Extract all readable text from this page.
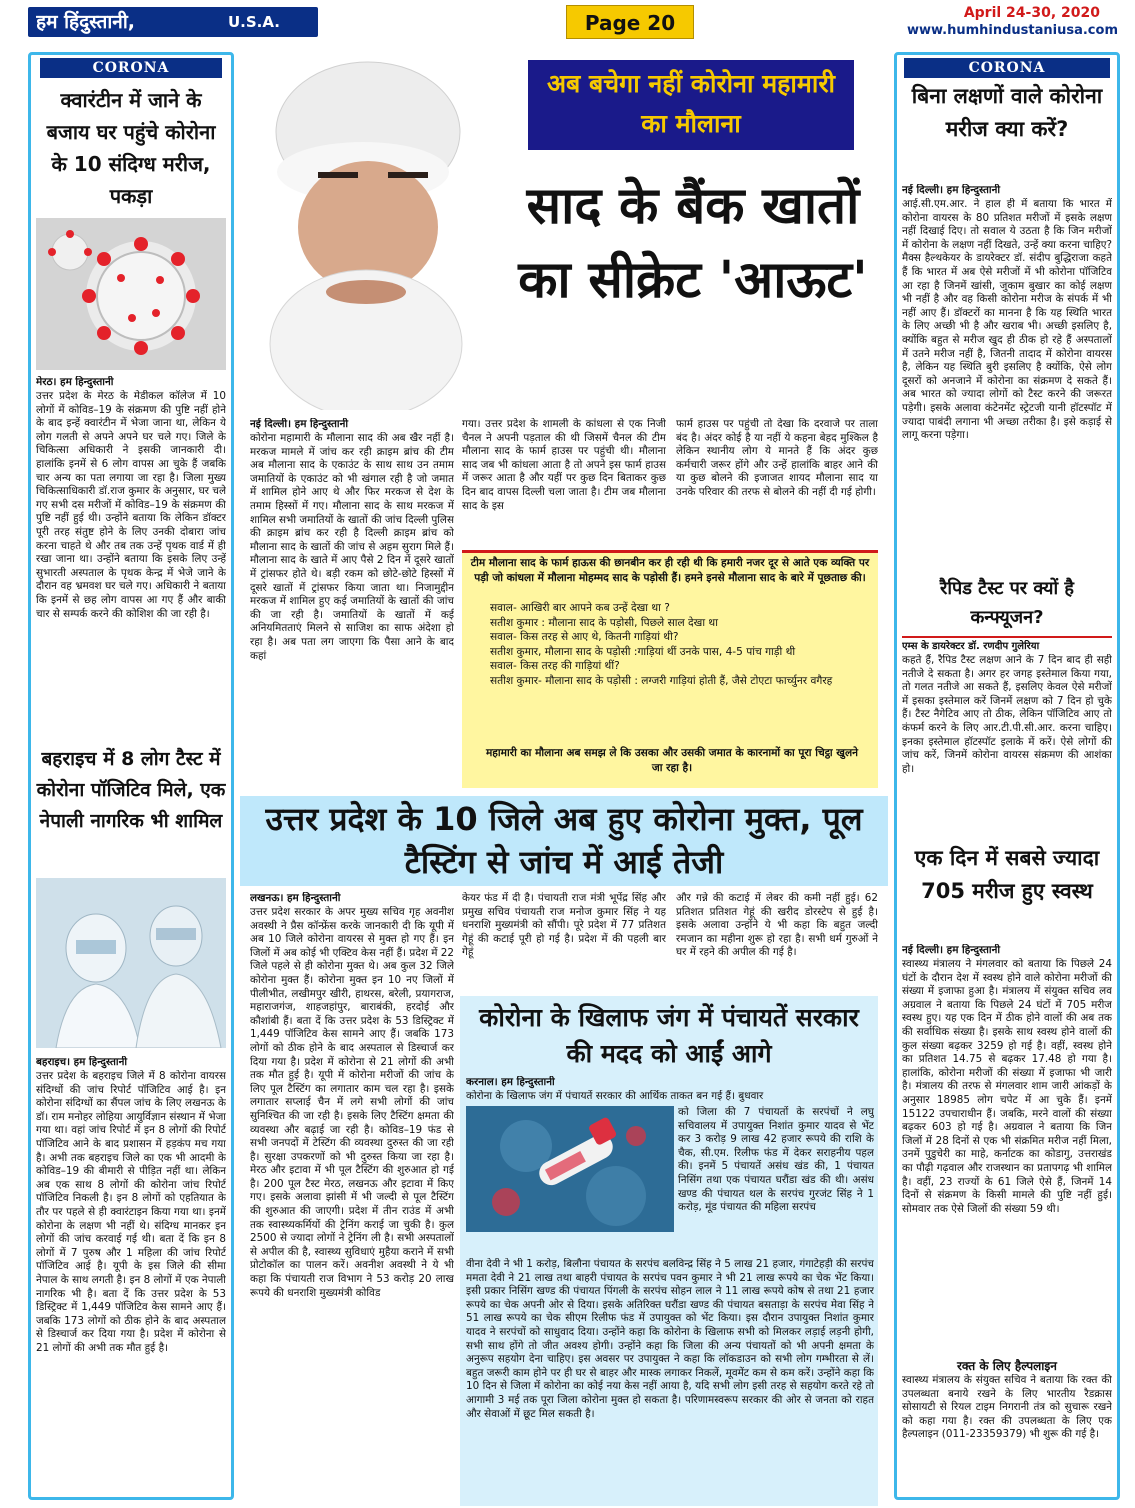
हम हिंदुस्तानी,	U.S.A.	Page 20	April 24-30, 2020
www.humhindustaniusa.com
CORONA
क्वारंटीन में जाने के बजाय घर पहुंचे कोरोना के 10 संदिग्ध मरीज, पकड़ा
मेरठ। हम हिन्दुस्तानी
उत्तर प्रदेश के मेरठ के मेडीकल कॉलेज में 10 लोगों में कोविड–19 के संक्रमण की पुष्टि नहीं होने के बाद इन्हें क्वारंटीन में भेजा जाना था, लेकिन ये लोग गलती से अपने अपने घर चले गए। जिले के चिकित्सा अधिकारी ने इसकी जानकारी दी। हालांकि इनमें से 6 लोग वापस आ चुके हैं जबकि चार अन्य का पता लगाया जा रहा है। जिला मुख्य चिकित्साधिकारी डॉ.राज कुमार के अनुसार, घर चले गए सभी दस मरीजों में कोविड–19 के संक्रमण की पुष्टि नहीं हुई थी। उन्होंने बताया कि लेकिन डॉक्टर पूरी तरह संतुष्ट होने के लिए उनकी दोबारा जांच करना चाहते थे और तब तक उन्हें पृथक वार्ड में ही रखा जाना था। उन्होंने बताया कि इसके लिए उन्हें सुभारती अस्पताल के पृथक केन्द्र में भेजे जाने के दौरान वह भ्रमवश घर चले गए। अधिकारी ने बताया कि इनमें से छह लोग वापस आ गए हैं और बाकी चार से सम्पर्क करने की कोशिश की जा रही है।
बहराइच में 8 लोग टैस्ट में कोरोना पॉजिटिव मिले, एक नेपाली नागरिक भी शामिल
बहराइच। हम हिन्दुस्तानी
उत्तर प्रदेश के बहराइच जिले में 8 कोरोना वायरस संदिग्धों की जांच रिपोर्ट पॉजिटिव आई है। इन कोरोना संदिग्धों का सैंपल जांच के लिए लखनऊ के डॉ। राम मनोहर लोहिया आयुर्विज्ञान संस्थान में भेजा गया था। वहां जांच रिपोर्ट में इन 8 लोगों की रिपोर्ट पॉजिटिव आने के बाद प्रशासन में हड़कंप मच गया है। अभी तक बहराइच जिले का एक भी आदमी के कोविड–19 की बीमारी से पीड़ित नहीं था। लेकिन अब एक साथ 8 लोगों की कोरोना जांच रिपोर्ट पॉजिटिव निकली है। इन 8 लोगों को एहतियात के तौर पर पहले से ही क्वारंटाइन किया गया था। इनमें कोरोना के लक्षण भी नहीं थे। संदिग्ध मानकर इन लोगों की जांच करवाई गई थी। बता दें कि इन 8 लोगों में 7 पुरुष और 1 महिला की जांच रिपोर्ट पॉजिटिव आई है। यूपी के इस जिले की सीमा नेपाल के साथ लगती है। इन 8 लोगों में एक नेपाली नागरिक भी है। बता दें कि उत्तर प्रदेश के 53 डिस्ट्रिक्ट में 1,449 पॉजिटिव केस सामने आए हैं। जबकि 173 लोगों को ठीक होने के बाद अस्पताल से डिस्चार्ज कर दिया गया है। प्रदेश में कोरोना से 21 लोगों की अभी तक मौत हुई है।
अब बचेगा नहीं कोरोना महामारी का मौलाना
साद के बैंक खातों का सीक्रेट 'आऊट'
नई दिल्ली। हम हिन्दुस्तानी
कोरोना महामारी के मौलाना साद की अब खैर नहीं है। मरकज मामले में जांच कर रही क्राइम ब्रांच की टीम अब मौलाना साद के एकाउंट के साथ साथ उन तमाम जमातियों के एकाउंट को भी खंगाल रही है जो जमात में शामिल होने आए थे और फिर मरकज से देश के तमाम हिस्सों में गए। मौलाना साद के साथ मरकज में शामिल सभी जमातियों के खातों की जांच दिल्ली पुलिस की क्राइम ब्रांच कर रही है दिल्ली क्राइम ब्रांच को मौलाना साद के खातों की जांच से अहम सुराग मिले हैं। मौलाना साद के खाते में आए पैसे 2 दिन में दूसरे खातों में ट्रांसफर होते थे। बड़ी रकम को छोटे-छोटे हिस्सों में दूसरे खातों में ट्रांसफर किया जाता था। निजामुद्दीन मरकज में शामिल हुए कई जमातियों के खातों की जांच की जा रही है। जमातियों के खातों में कई अनियमितताएं मिलने से साजिश का साफ अंदेशा हो रहा है। अब पता लग जाएगा कि पैसा आने के बाद कहां
गया। उत्तर प्रदेश के शामली के कांधला से एक निजी चैनल ने अपनी पड़ताल की थी जिसमें चैनल की टीम मौलाना साद के फार्म हाउस पर पहुंची थी। मौलाना साद जब भी कांधला आता है तो अपने इस फार्म हाउस में जरूर आता है और यहीं पर कुछ दिन बिताकर कुछ दिन बाद वापस दिल्ली चला जाता है। टीम जब मौलाना साद के इस
फार्म हाउस पर पहुंची तो देखा कि दरवाजे पर ताला बंद है। अंदर कोई है या नहीं ये कहना बेहद मुश्किल है लेकिन स्थानीय लोग ये मानते हैं कि अंदर कुछ कर्मचारी जरूर होंगे और उन्हें हालांकि बाहर आने की या कुछ बोलने की इजाजत शायद मौलाना साद या उनके परिवार की तरफ से बोलने की नहीं दी गई होगी।
टीम मौलाना साद के फार्म हाऊस की छानबीन कर ही रही थी कि हमारी नजर दूर से आते एक व्यक्ति पर पड़ी जो कांधला में मौलाना मोहम्मद साद के पड़ोसी हैं। हमने इनसे मौलाना साद के बारे में पूछताछ की।

सवाल- आखिरी बार आपने कब उन्हें देखा था ?

सतीश कुमार : मौलाना साद के पड़ोसी, पिछले साल देखा था

सवाल- किस तरह से आए थे, कितनी गाड़ियां थी?

सतीश कुमार, मौलाना साद के पड़ोसी :गाड़ियां थीं उनके पास, 4-5 पांच गाड़ी थी

सवाल- किस तरह की गाड़ियां थीं?

सतीश कुमार- मौलाना साद के पड़ोसी : लग्जरी गाड़ियां होती हैं, जैसे टोएटा फार्च्युनर वगैरह

महामारी का मौलाना अब समझ ले कि उसका और उसकी जमात के कारनामों का पूरा चिट्ठा खुलने जा रहा है।
उत्तर प्रदेश के 10 जिले अब हुए कोरोना मुक्त, पूल टैस्टिंग से जांच में आई तेजी
लखनऊ। हम हिन्दुस्तानी
उत्तर प्रदेश सरकार के अपर मुख्य सचिव गृह अवनीश अवस्थी ने प्रैस कॉन्फ्रेंस करके जानकारी दी कि यूपी में अब 10 जिले कोरोना वायरस से मुक्त हो गए हैं। इन जिलों में अब कोई भी एक्टिव केस नहीं हैं। प्रदेश में 22 जिले पहले से ही कोरोना मुक्त थे। अब कुल 32 जिले कोरोना मुक्त हैं। कोरोना मुक्त इन 10 नए जिलों में पीलीभीत, लखीमपुर खीरी, हाथरस, बरेली, प्रयागराज, महाराजगंज, शाहजहांपुर, बाराबंकी, हरदोई और कौशांबी हैं। बता दें कि उत्तर प्रदेश के 53 डिस्ट्रिक्ट में 1,449 पॉजिटिव केस सामने आए हैं। जबकि 173 लोगों को ठीक होने के बाद अस्पताल से डिस्चार्ज कर दिया गया है। प्रदेश में कोरोना से 21 लोगों की अभी तक मौत हुई है। यूपी में कोरोना मरीजों की जांच के लिए पूल टैस्टिंग का लगातार काम चल रहा है। इसके लगातार सप्लाई चैन में लगे सभी लोगों की जांच सुनिश्चित की जा रही है। इसके लिए टैस्टिंग क्षमता की व्यवस्था और बढ़ाई जा रही है। कोविड–19 फंड से सभी जनपदों में टेस्टिंग की व्यवस्था दुरुस्त की जा रही है। सुरक्षा उपकरणों को भी दुरुस्त किया जा रहा है। मेरठ और इटावा में भी पूल टैस्टिंग की शुरुआत हो गई है। 200 पूल टैस्ट मेरठ, लखनऊ और इटावा में किए गए। इसके अलावा झांसी में भी जल्दी से पूल टैस्टिंग की शुरुआत की जाएगी। प्रदेश में तीन राउंड में अभी तक स्वास्थ्यकर्मियों की ट्रेनिंग कराई जा चुकी है। कुल 2500 से ज्यादा लोगों ने ट्रेनिंग ली है। सभी अस्पतालों से अपील की है, स्वास्थ्य सुविधाएं मुहैया कराने में सभी प्रोटोकॉल का पालन करें। अवनीश अवस्थी ने ये भी कहा कि पंचायती राज विभाग ने 53 करोड़ 20 लाख रूपये की धनराशि मुख्यमंत्री कोविड
केयर फंड में दी है। पंचायती राज मंत्री भूपेंद्र सिंह और प्रमुख सचिव पंचायती राज मनोज कुमार सिंह ने यह धनराशि मुख्यमंत्री को सौंपी। पूरे प्रदेश में 77 प्रतिशत गेहूं की कटाई पूरी हो गई है। प्रदेश में की पहली बार गेहूं
और गन्ने की कटाई में लेबर की कमी नहीं हुई। 62 प्रतिशत प्रतिशत गेहूं की खरीद डोरस्टेप से हुई है। इसके अलावा उन्होंने ये भी कहा कि बहुत जल्दी रमजान का महीना शुरू हो रहा है। सभी धर्म गुरुओं ने घर में रहने की अपील की गई है।
कोरोना के खिलाफ जंग में पंचायतें सरकार की मदद को आईं आगे
करनाल। हम हिन्दुस्तानी
कोरोना के खिलाफ जंग में पंचायतें सरकार की आर्थिक ताकत बन गई हैं। बुधवार
को जिला की 7 पंचायतों के सरपंचों ने लघु सचिवालय में उपायुक्त निशांत कुमार यादव से भेंट कर 3 करोड़ 9 लाख 42 हजार रूपये की राशि के चैक, सी.एम. रिलीफ फंड में देकर सराहनीय पहल की। इनमें 5 पंचायतें असंध खंड की, 1 पंचायत निसिंग तथा एक पंचायत घरौंडा खंड की थी। असंध खण्ड की पंचायत थल के सरपंच गुरजंट सिंह ने 1 करोड़, मूंड पंचायत की महिला सरपंच
वीना देवी ने भी 1 करोड़, बिलौना पंचायत के सरपंच बलविन्द्र सिंह ने 5 लाख 21 हजार, गंगाटेहड़ी की सरपंच ममता देवी ने 21 लाख तथा बाहरी पंचायत के सरपंच पवन कुमार ने भी 21 लाख रूपये का चेक भेंट किया। इसी प्रकार निसिंग खण्ड की पंचायत पिंगली के सरपंच सोहन लाल ने 11 लाख रूपये कोष से तथा 21 हजार रूपये का चेक अपनी ओर से दिया। इसके अतिरिक्त घरौंडा खण्ड की पंचायत बसताड़ा के सरपंच मेवा सिंह ने 51 लाख रूपये का चेक सीएम रिलीफ फंड में उपायुक्त को भेंट किया। इस दौरान उपायुक्त निशांत कुमार यादव ने सरपंचों को साधुवाद दिया। उन्होंने कहा कि कोरोना के खिलाफ सभी को मिलकर लड़ाई लड़नी होगी, सभी साथ होंगे तो जीत अवश्य होगी। उन्होंने कहा कि जिला की अन्य पंचायतों को भी अपनी क्षमता के अनुरूप सहयोग देना चाहिए। इस अवसर पर उपायुक्त ने कहा कि लॉकडाउन को सभी लोग गम्भीरता से लें। बहुत जरूरी काम होने पर ही घर से बाहर और मास्क लगाकर निकलें, मूवमेंट कम से कम करें। उन्होंने कहा कि 10 दिन से जिला में कोरोना का कोई नया केस नहीं आया है, यदि सभी लोग इसी तरह से सहयोग करते रहे तो आगामी 3 मई तक पूरा जिला कोरोना मुक्त हो सकता है। परिणामस्वरूप सरकार की ओर से जनता को राहत और सेवाओं में छूट मिल सकती है।
CORONA
बिना लक्षणों वाले कोरोना मरीज क्या करें?
नई दिल्ली। हम हिन्दुस्तानी
आई.सी.एम.आर. ने हाल ही में बताया कि भारत में कोरोना वायरस के 80 प्रतिशत मरीजों में इसके लक्षण नहीं दिखाई दिए। तो सवाल ये उठता है कि जिन मरीजों में कोरोना के लक्षण नहीं दिखते, उन्हें क्या करना चाहिए? मैक्स हैल्थकेयर के डायरेक्टर डॉ. संदीप बुद्धिराजा कहते हैं कि भारत में अब ऐसे मरीजों में भी कोरोना पॉजिटिव आ रहा है जिनमें खांसी, जुकाम बुखार का कोई लक्षण भी नहीं है और वह किसी कोरोना मरीज के संपर्क में भी नहीं आए हैं। डॉक्टरों का मानना है कि यह स्थिति भारत के लिए अच्छी भी है और खराब भी। अच्छी इसलिए है, क्योंकि बहुत से मरीज खुद ही ठीक हो रहे हैं अस्पतालों में उतने मरीज नहीं है, जितनी तादाद में कोरोना वायरस है, लेकिन यह स्थिति बुरी इसलिए है क्योंकि, ऐसे लोग दूसरों को अनजाने में कोरोना का संक्रमण दे सकते हैं। अब भारत को ज्यादा लोगों को टैस्ट करने की जरूरत पड़ेगी। इसके अलावा कंटेनमेंट स्ट्रेटजी यानी हॉटस्पॉट में ज्यादा पाबंदी लगाना भी अच्छा तरीका है। इसे कड़ाई से लागू करना पड़ेगा।
रैपिड टैस्ट पर क्यों है कन्फ्यूजन?
एम्स के डायरेक्टर डॉ. रणदीप गुलेरिया
कहते हैं, रैपिड टैस्ट लक्षण आने के 7 दिन बाद ही सही नतीजे दे सकता है। अगर हर जगह इस्तेमाल किया गया, तो गलत नतीजे आ सकते हैं, इसलिए केवल ऐसे मरीजों में इसका इस्तेमाल करें जिनमें लक्षण को 7 दिन हो चुके हैं। टैस्ट नैगेटिव आए तो ठीक, लेकिन पॉजिटिव आए तो कंफर्म करने के लिए आर.टी.पी.सी.आर. करना चाहिए। इनका इस्तेमाल हॉटस्पॉट इलाके में करें। ऐसे लोगों की जांच करें, जिनमें कोरोना वायरस संक्रमण की आशंका हो।
एक दिन में सबसे ज्यादा 705 मरीज हुए स्वस्थ
नई दिल्ली। हम हिन्दुस्तानी
स्वास्थ्य मंत्रालय ने मंगलवार को बताया कि पिछले 24 घंटों के दौरान देश में स्वस्थ होने वाले कोरोना मरीजों की संख्या में इजाफा हुआ है। मंत्रालय में संयुक्त सचिव लव अग्रवाल ने बताया कि पिछले 24 घंटों में 705 मरीज स्वस्थ हुए। यह एक दिन में ठीक होने वालों की अब तक की सर्वाधिक संख्या है। इसके साथ स्वस्थ होने वालों की कुल संख्या बढ़कर 3259 हो गई है। वहीं, स्वस्थ होने का प्रतिशत 14.75 से बढ़कर 17.48 हो गया है। हालांकि, कोरोना मरीजों की संख्या में इजाफा भी जारी है। मंत्रालय की तरफ से मंगलवार शाम जारी आंकड़ों के अनुसार 18985 लोग चपेट में आ चुके हैं। इनमें 15122 उपचाराधीन हैं। जबकि, मरने वालों की संख्या बढ़कर 603 हो गई है। अग्रवाल ने बताया कि जिन जिलों में 28 दिनों से एक भी संक्रमित मरीज नहीं मिला, उनमें पुडुचेरी का माहे, कर्नाटक का कोडागु, उत्तराखंड का पौढ़ी गढ़वाल और राजस्थान का प्रतापगढ़ भी शामिल है। वहीं, 23 राज्यों के 61 जिले ऐसे हैं, जिनमें 14 दिनों से संक्रमण के किसी मामले की पुष्टि नहीं हुई। सोमवार तक ऐसे जिलों की संख्या 59 थी।
रक्त के लिए हैल्पलाइन
स्वास्थ्य मंत्रालय के संयुक्त सचिव ने बताया कि रक्त की उपलब्धता बनाये रखने के लिए भारतीय रैडक्रास सोसायटी से रियल टाइम निगरानी तंत्र को सुचारू रखने को कहा गया है। रक्त की उपलब्धता के लिए एक हैल्पलाइन (011-23359379) भी शुरू की गई है।
